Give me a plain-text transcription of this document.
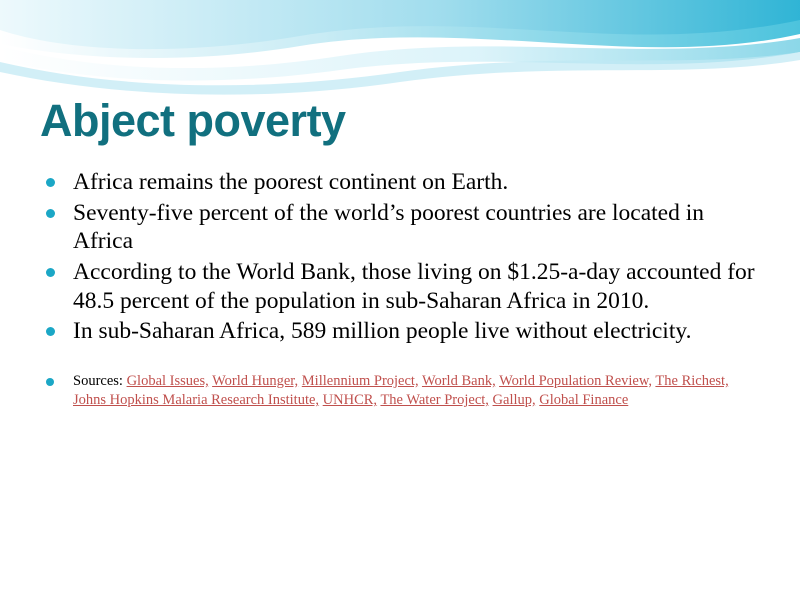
Abject poverty
Africa remains the poorest continent on Earth.
Seventy-five percent of the world’s poorest countries are located in Africa
According to the World Bank, those living on $1.25-a-day accounted for 48.5 percent of the population in sub-Saharan Africa in 2010.
In sub-Saharan Africa, 589 million people live without electricity.
Sources: Global Issues, World Hunger, Millennium Project, World Bank, World Population Review, The Richest, Johns Hopkins Malaria Research Institute, UNHCR, The Water Project, Gallup, Global Finance
